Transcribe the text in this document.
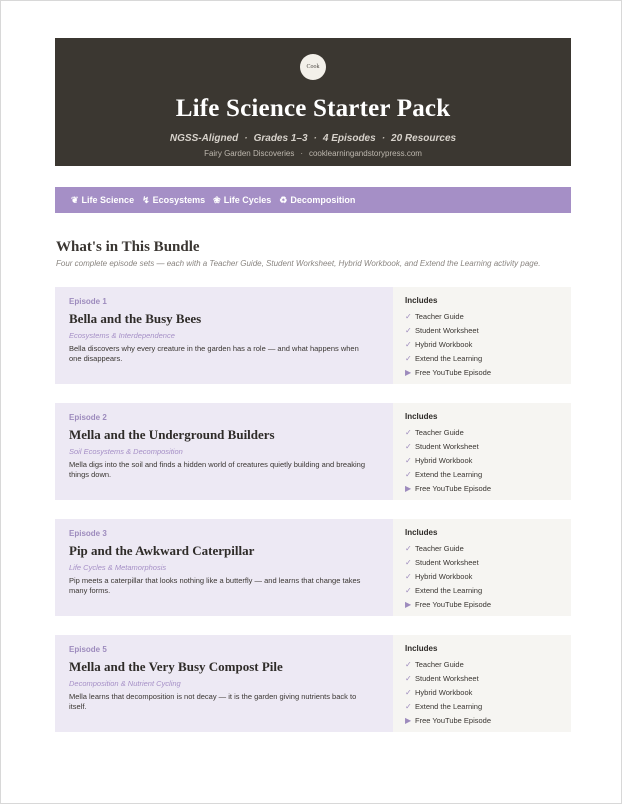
Cook
Life Science Starter Pack
NGSS-Aligned · Grades 1–3 · 4 Episodes · 20 Resources
Fairy Garden Discoveries · cooklearningandstorypress.com
❦ Life Science ↯ Ecosystems ❀ Life Cycles ♻ Decomposition
What's in This Bundle
Four complete episode sets — each with a Teacher Guide, Student Worksheet, Hybrid Workbook, and Extend the Learning activity page.
Episode 1
Bella and the Busy Bees
Ecosystems & Interdependence
Bella discovers why every creature in the garden has a role — and what happens when one disappears.
Includes
✓ Teacher Guide
✓ Student Worksheet
✓ Hybrid Workbook
✓ Extend the Learning
▶ Free YouTube Episode
Episode 2
Mella and the Underground Builders
Soil Ecosystems & Decomposition
Mella digs into the soil and finds a hidden world of creatures quietly building and breaking things down.
Includes
✓ Teacher Guide
✓ Student Worksheet
✓ Hybrid Workbook
✓ Extend the Learning
▶ Free YouTube Episode
Episode 3
Pip and the Awkward Caterpillar
Life Cycles & Metamorphosis
Pip meets a caterpillar that looks nothing like a butterfly — and learns that change takes many forms.
Includes
✓ Teacher Guide
✓ Student Worksheet
✓ Hybrid Workbook
✓ Extend the Learning
▶ Free YouTube Episode
Episode 5
Mella and the Very Busy Compost Pile
Decomposition & Nutrient Cycling
Mella learns that decomposition is not decay — it is the garden giving nutrients back to itself.
Includes
✓ Teacher Guide
✓ Student Worksheet
✓ Hybrid Workbook
✓ Extend the Learning
▶ Free YouTube Episode
